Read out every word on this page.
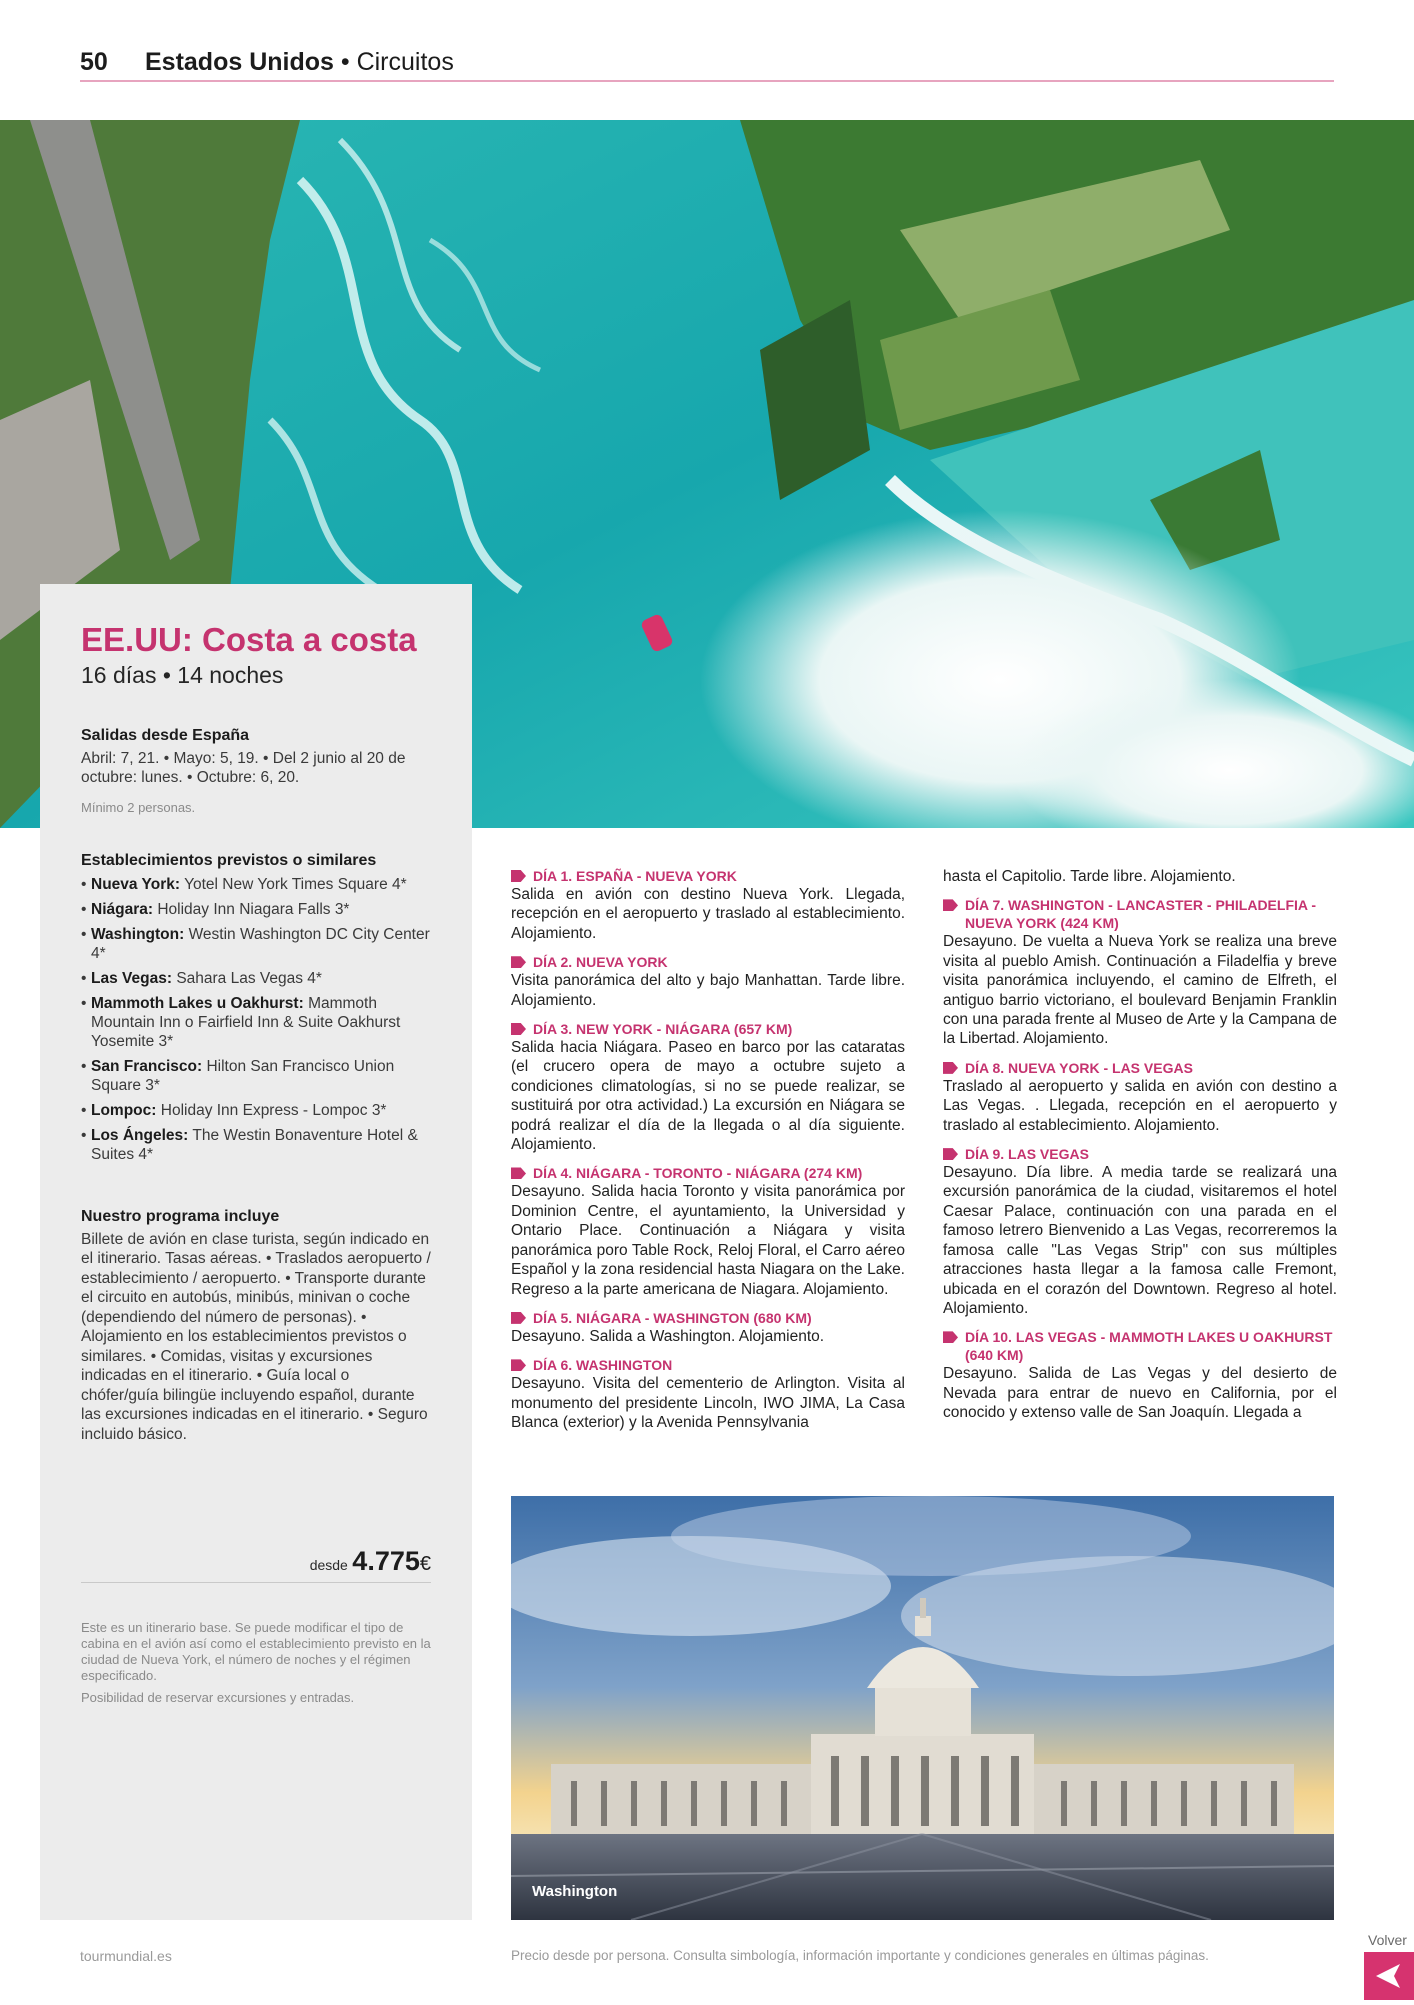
50 Estados Unidos • Circuitos
EE.UU: Costa a costa

16 días • 14 noches

Salidas desde España

Abril: 7, 21. • Mayo: 5, 19. • Del 2 junio al 20 de octubre: lunes. • Octubre: 6, 20.

Mínimo 2 personas.

Establecimientos previstos o similares

• Nueva York: Yotel New York Times Square 4*
• Niágara: Holiday Inn Niagara Falls 3*
• Washington: Westin Washington DC City Center 4*
• Las Vegas: Sahara Las Vegas 4*
• Mammoth Lakes u Oakhurst: Mammoth Mountain Inn o Fairfield Inn & Suite Oakhurst Yosemite 3*
• San Francisco: Hilton San Francisco Union Square 3*
• Lompoc: Holiday Inn Express - Lompoc 3*
• Los Ángeles: The Westin Bonaventure Hotel & Suites 4*

Nuestro programa incluye

Billete de avión en clase turista, según indicado en el itinerario. Tasas aéreas. • Traslados aeropuerto / establecimiento / aeropuerto. • Transporte durante el circuito en autobús, minibús, minivan o coche (dependiendo del número de personas). • Alojamiento en los establecimientos previstos o similares. • Comidas, visitas y excursiones indicadas en el itinerario. • Guía local o chófer/guía bilingüe incluyendo español, durante las excursiones indicadas en el itinerario. • Seguro incluido básico.

desde 4.775€

Este es un itinerario base. Se puede modificar el tipo de cabina en el avión así como el establecimiento previsto en la ciudad de Nueva York, el número de noches y el régimen especificado.

Posibilidad de reservar excursiones y entradas.

DÍA 1. ESPAÑA - NUEVA YORK
Salida en avión con destino Nueva York. Llegada, recepción en el aeropuerto y traslado al establecimiento. Alojamiento.
DÍA 2. NUEVA YORK
Visita panorámica del alto y bajo Manhattan. Tarde libre. Alojamiento.
DÍA 3. NEW YORK - NIÁGARA (657 KM)
Salida hacia Niágara. Paseo en barco por las cataratas (el crucero opera de mayo a octubre sujeto a condiciones climatologías, si no se puede realizar, se sustituirá por otra actividad.) La excursión en Niágara se podrá realizar el día de la llegada o al día siguiente. Alojamiento.
DÍA 4. NIÁGARA - TORONTO - NIÁGARA (274 KM)
Desayuno. Salida hacia Toronto y visita panorámica por Dominion Centre, el ayuntamiento, la Universidad y Ontario Place. Continuación a Niágara y visita panorámica poro Table Rock, Reloj Floral, el Carro aéreo Español y la zona residencial hasta Niagara on the Lake. Regreso a la parte americana de Niagara. Alojamiento.
DÍA 5. NIÁGARA - WASHINGTON (680 KM)
Desayuno. Salida a Washington. Alojamiento.
DÍA 6. WASHINGTON
Desayuno. Visita del cementerio de Arlington. Visita al monumento del presidente Lincoln, IWO JIMA, La Casa Blanca (exterior) y la Avenida Pennsylvania
hasta el Capitolio. Tarde libre. Alojamiento.
DÍA 7. WASHINGTON - LANCASTER - PHILADELFIA - NUEVA YORK (424 KM)
Desayuno. De vuelta a Nueva York se realiza una breve visita al pueblo Amish. Continuación a Filadelfia y breve visita panorámica incluyendo, el camino de Elfreth, el antiguo barrio victoriano, el boulevard Benjamin Franklin con una parada frente al Museo de Arte y la Campana de la Libertad. Alojamiento.
DÍA 8. NUEVA YORK - LAS VEGAS
Traslado al aeropuerto y salida en avión con destino a Las Vegas. . Llegada, recepción en el aeropuerto y traslado al establecimiento. Alojamiento.
DÍA 9. LAS VEGAS
Desayuno. Día libre. A media tarde se realizará una excursión panorámica de la ciudad, visitaremos el hotel Caesar Palace, continuación con una parada en el famoso letrero Bienvenido a Las Vegas, recorreremos la famosa calle "Las Vegas Strip" con sus múltiples atracciones hasta llegar a la famosa calle Fremont, ubicada en el corazón del Downtown. Regreso al hotel. Alojamiento.
DÍA 10. LAS VEGAS - MAMMOTH LAKES U OAKHURST (640 KM)
Desayuno. Salida de Las Vegas y del desierto de Nevada para entrar de nuevo en California, por el conocido y extenso valle de San Joaquín. Llegada a
Washington
tourmundial.es	Precio desde por persona. Consulta simbología, información importante y condiciones generales en últimas páginas.
Volver
